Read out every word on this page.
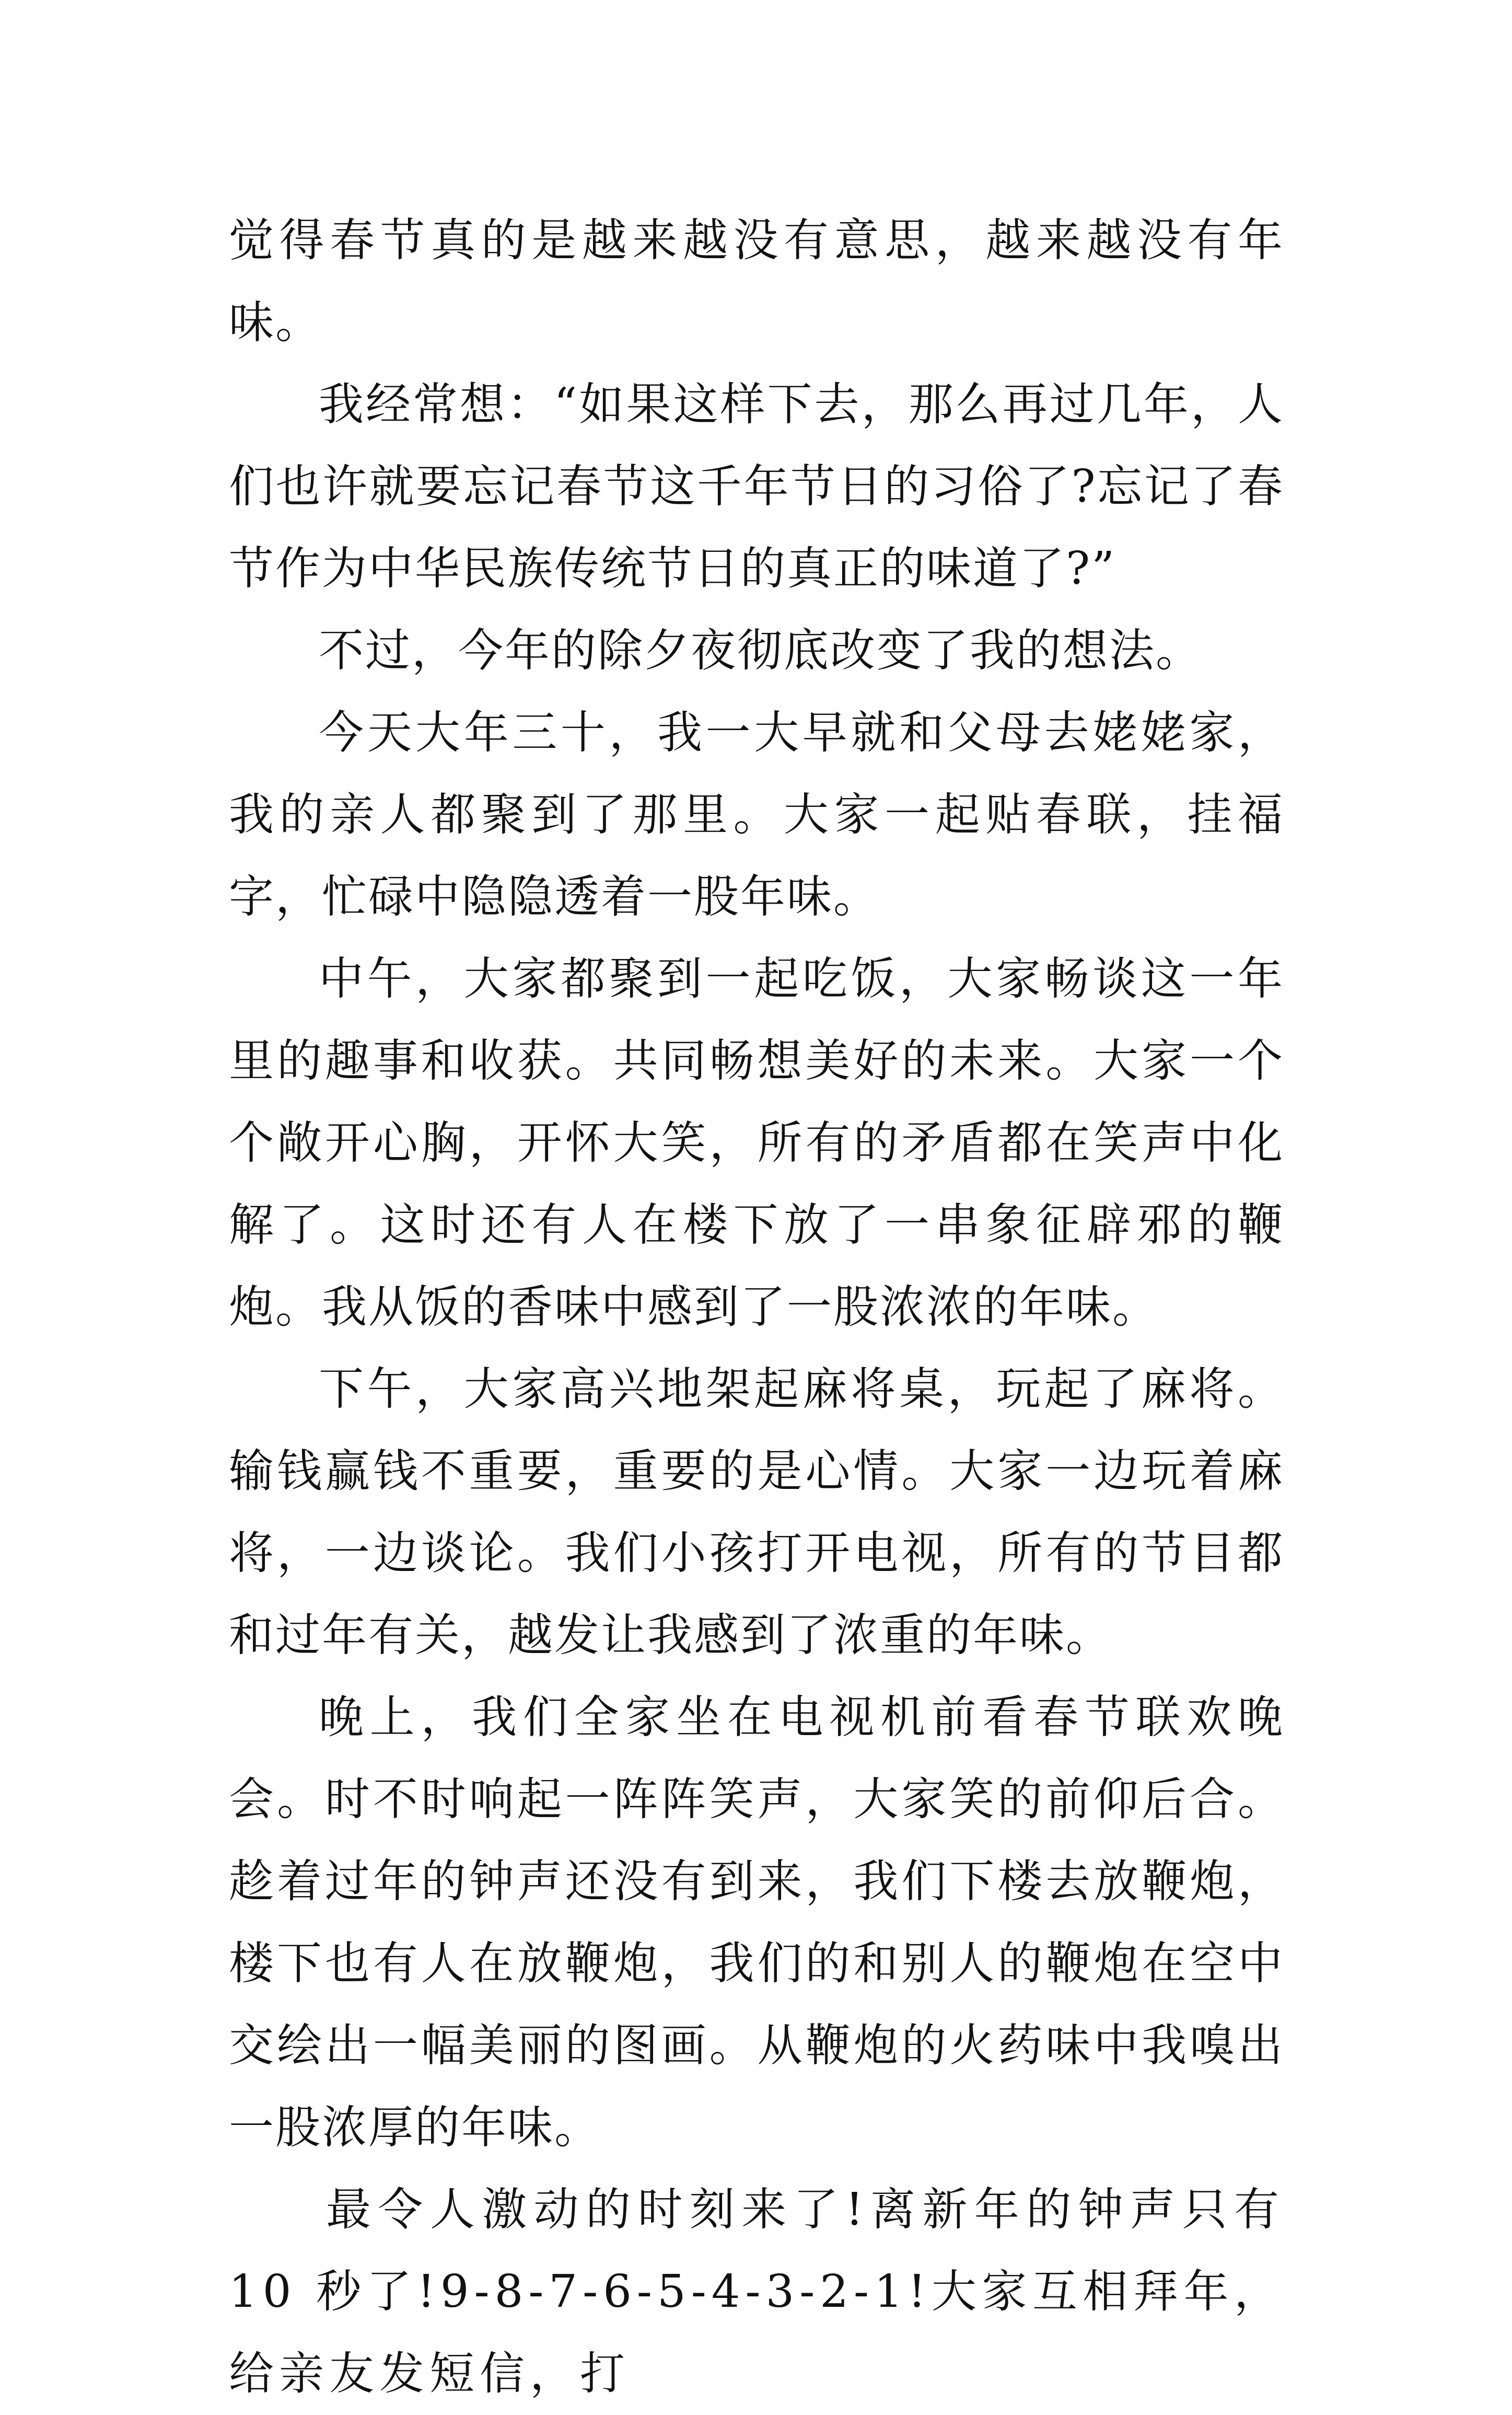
觉得春节真的是越来越没有意思，越来越没有年味。

我经常想：“如果这样下去，那么再过几年，人们也许就要忘记春节这千年节日的习俗了?忘记了春节作为中华民族传统节日的真正的味道了?”

不过，今年的除夕夜彻底改变了我的想法。

今天大年三十，我一大早就和父母去姥姥家，我的亲人都聚到了那里。大家一起贴春联，挂福字，忙碌中隐隐透着一股年味。

中午，大家都聚到一起吃饭，大家畅谈这一年里的趣事和收获。共同畅想美好的未来。大家一个个敞开心胸，开怀大笑，所有的矛盾都在笑声中化解了。这时还有人在楼下放了一串象征辟邪的鞭炮。我从饭的香味中感到了一股浓浓的年味。

下午，大家高兴地架起麻将桌，玩起了麻将。输钱赢钱不重要，重要的是心情。大家一边玩着麻将，一边谈论。我们小孩打开电视，所有的节目都和过年有关，越发让我感到了浓重的年味。

晚上，我们全家坐在电视机前看春节联欢晚会。时不时响起一阵阵笑声，大家笑的前仰后合。趁着过年的钟声还没有到来，我们下楼去放鞭炮，楼下也有人在放鞭炮，我们的和别人的鞭炮在空中交绘出一幅美丽的图画。从鞭炮的火药味中我嗅出一股浓厚的年味。

最令人激动的时刻来了!离新年的钟声只有 10 秒了!9-8-7-6-5-4-3-2-1!大家互相拜年，给亲友发短信，打
